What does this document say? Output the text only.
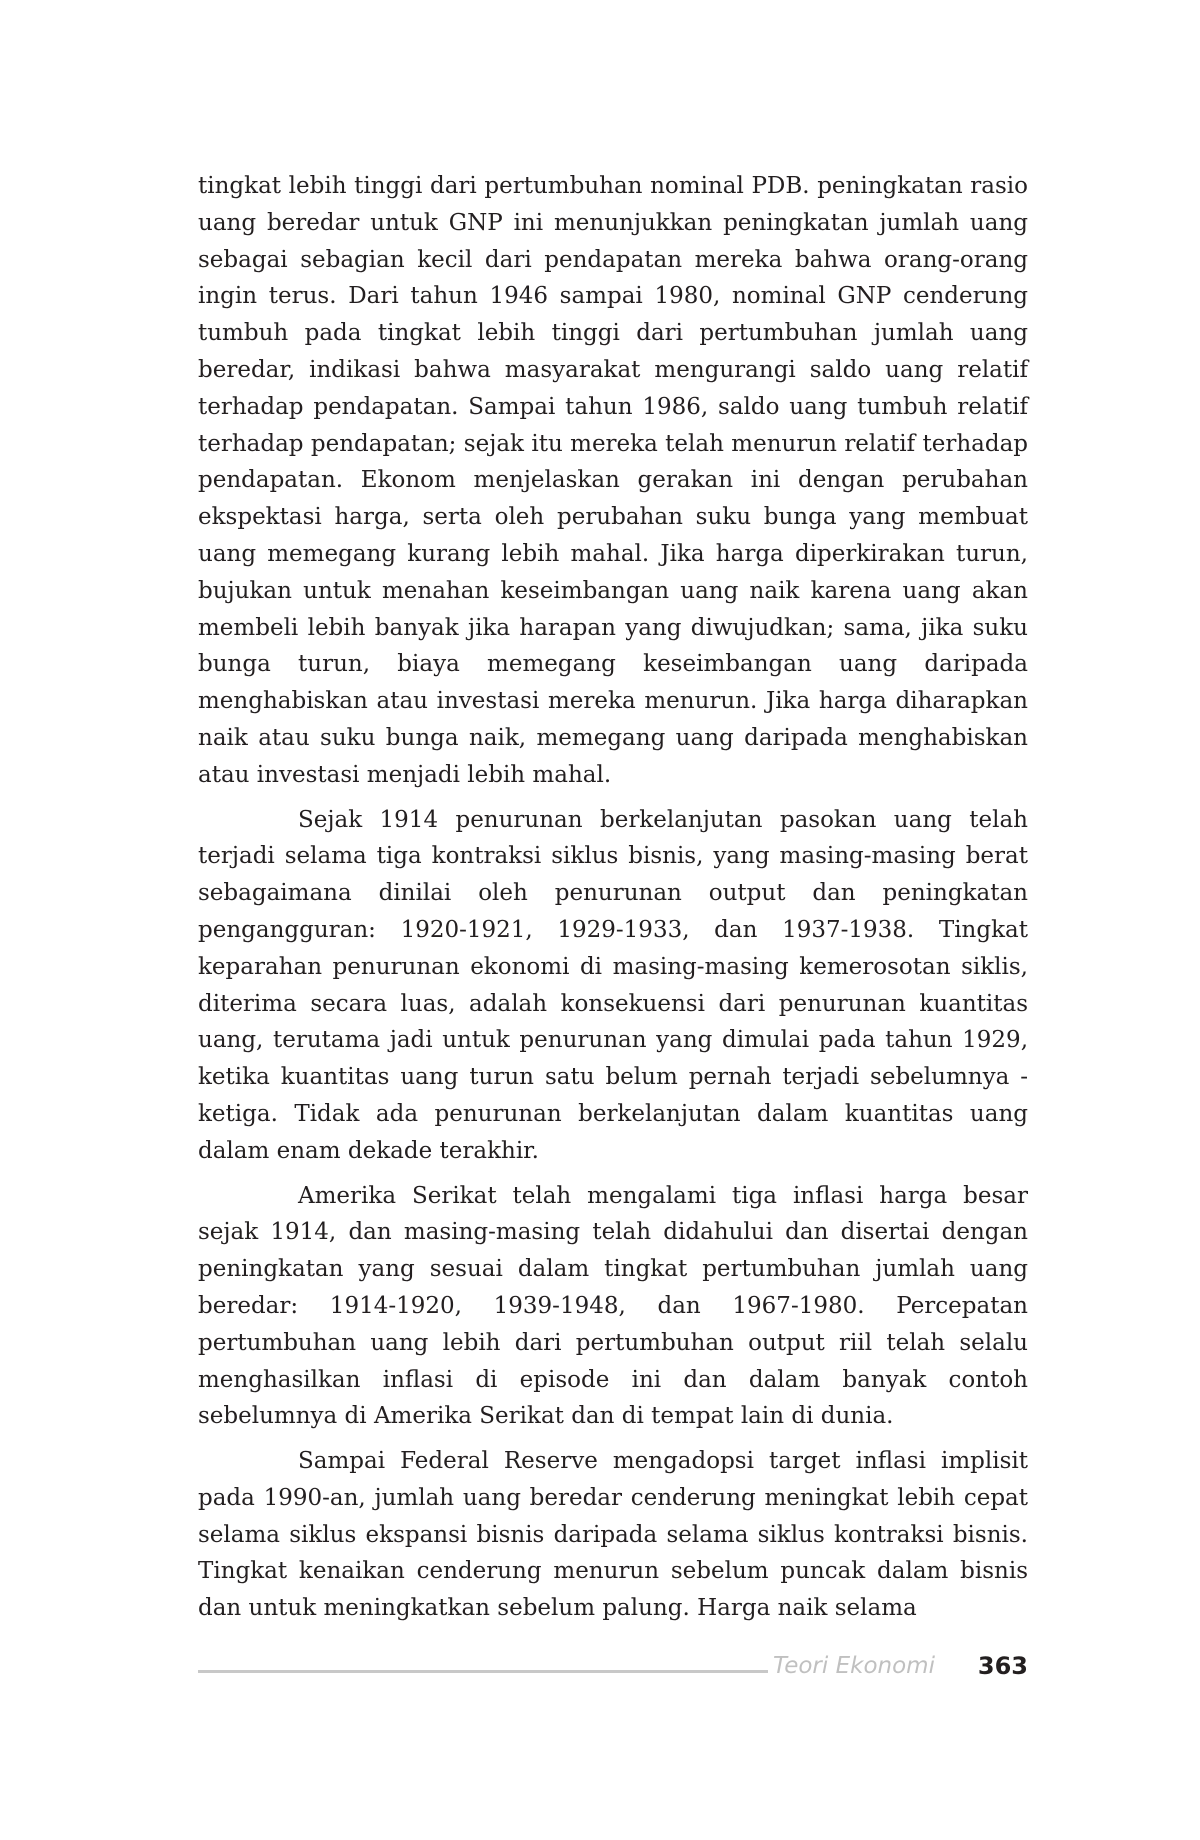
tingkat lebih tinggi dari pertumbuhan nominal PDB. peningkatan rasio uang beredar untuk GNP ini menunjukkan peningkatan jumlah uang sebagai sebagian kecil dari pendapatan mereka bahwa orang-orang ingin terus. Dari tahun 1946 sampai 1980, nominal GNP cenderung tumbuh pada tingkat lebih tinggi dari pertumbuhan jumlah uang beredar, indikasi bahwa masyarakat mengurangi saldo uang relatif terhadap pendapatan. Sampai tahun 1986, saldo uang tumbuh relatif terhadap pendapatan; sejak itu mereka telah menurun relatif terhadap pendapatan. Ekonom menjelaskan gerakan ini dengan perubahan ekspektasi harga, serta oleh perubahan suku bunga yang membuat uang memegang kurang lebih mahal. Jika harga diperkirakan turun, bujukan untuk menahan keseimbangan uang naik karena uang akan membeli lebih banyak jika harapan yang diwujudkan; sama, jika suku bunga turun, biaya memegang keseimbangan uang daripada menghabiskan atau investasi mereka menurun. Jika harga diharapkan naik atau suku bunga naik, memegang uang daripada menghabiskan atau investasi menjadi lebih mahal.

Sejak 1914 penurunan berkelanjutan pasokan uang telah terjadi selama tiga kontraksi siklus bisnis, yang masing-masing berat sebagaimana dinilai oleh penurunan output dan peningkatan pengangguran: 1920-1921, 1929-1933, dan 1937-1938. Tingkat keparahan penurunan ekonomi di masing-masing kemerosotan siklis, diterima secara luas, adalah konsekuensi dari penurunan kuantitas uang, terutama jadi untuk penurunan yang dimulai pada tahun 1929, ketika kuantitas uang turun satu belum pernah terjadi sebelumnya -ketiga. Tidak ada penurunan berkelanjutan dalam kuantitas uang dalam enam dekade terakhir.

Amerika Serikat telah mengalami tiga inflasi harga besar sejak 1914, dan masing-masing telah didahului dan disertai dengan peningkatan yang sesuai dalam tingkat pertumbuhan jumlah uang beredar: 1914-1920, 1939-1948, dan 1967-1980. Percepatan pertumbuhan uang lebih dari pertumbuhan output riil telah selalu menghasilkan inflasi di episode ini dan dalam banyak contoh sebelumnya di Amerika Serikat dan di tempat lain di dunia.

Sampai Federal Reserve mengadopsi target inflasi implisit pada 1990-an, jumlah uang beredar cenderung meningkat lebih cepat selama siklus ekspansi bisnis daripada selama siklus kontraksi bisnis. Tingkat kenaikan cenderung menurun sebelum puncak dalam bisnis dan untuk meningkatkan sebelum palung. Harga naik selama

Teori Ekonomi	363
